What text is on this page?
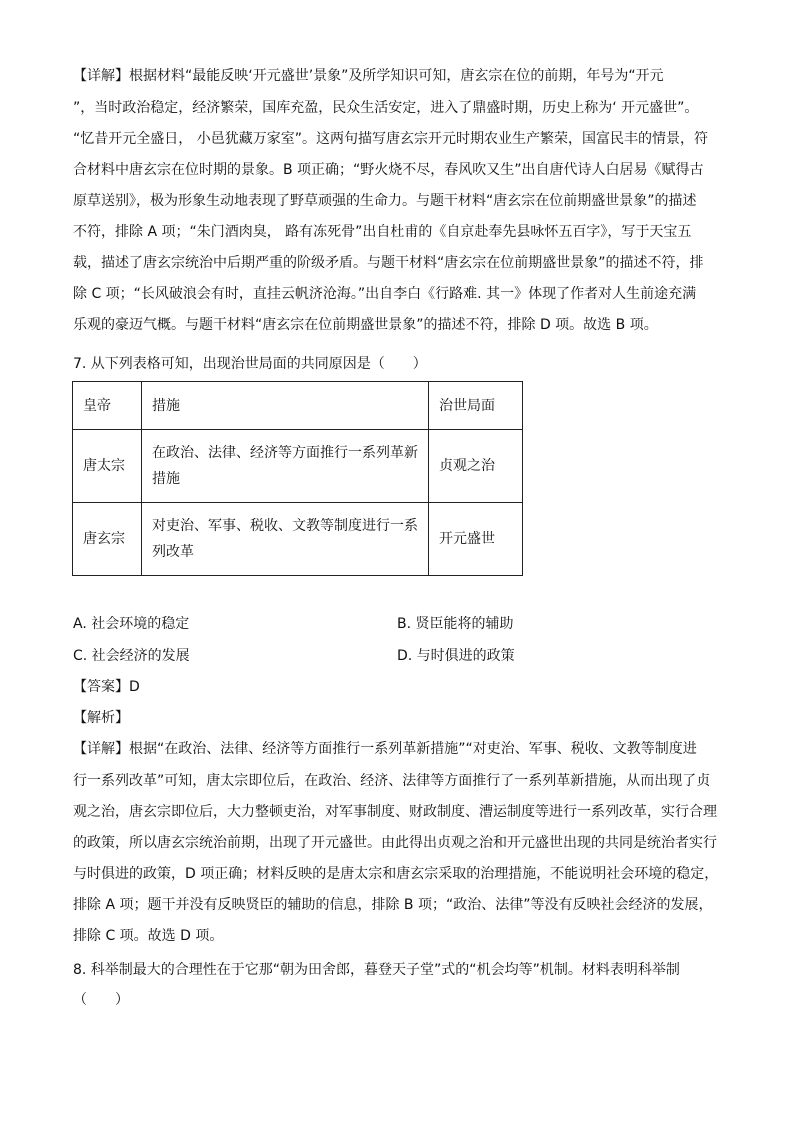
【详解】根据材料“最能反映‘开元盛世’景象”及所学知识可知，唐玄宗在位的前期，年号为“开元
”，当时政治稳定，经济繁荣，国库充盈，民众生活安定，进入了鼎盛时期，历史上称为‘ 开元盛世”。
“忆昔开元全盛日， 小邑犹藏万家室”。这两句描写唐玄宗开元时期农业生产繁荣，国富民丰的情景，符
合材料中唐玄宗在位时期的景象。B 项正确；“野火烧不尽，春风吹又生”出自唐代诗人白居易《赋得古
原草送别》，极为形象生动地表现了野草顽强的生命力。与题干材料“唐玄宗在位前期盛世景象”的描述
不符，排除 A 项；“朱门酒肉臭， 路有冻死骨”出自杜甫的《自京赴奉先县咏怀五百字》，写于天宝五
载，描述了唐玄宗统治中后期严重的阶级矛盾。与题干材料“唐玄宗在位前期盛世景象”的描述不符，排
除 C 项；“长风破浪会有时，直挂云帆济沧海。”出自李白《行路难. 其一》体现了作者对人生前途充满
乐观的豪迈气概。与题干材料“唐玄宗在位前期盛世景象”的描述不符，排除 D 项。故选 B 项。
7. 从下列表格可知，出现治世局面的共同原因是（　　）
皇帝	措施	治世局面
唐太宗	在政治、法律、经济等方面推行一系列革新
措施	贞观之治
唐玄宗	对吏治、军事、税收、文教等制度进行一系
列改革	开元盛世
A. 社会环境的稳定	B. 贤臣能将的辅助
C. 社会经济的发展	D. 与时俱进的政策
【答案】D
【解析】
【详解】根据“在政治、法律、经济等方面推行一系列革新措施”“对吏治、军事、税收、文教等制度进
行一系列改革”可知，唐太宗即位后，在政治、经济、法律等方面推行了一系列革新措施，从而出现了贞
观之治，唐玄宗即位后，大力整顿吏治，对军事制度、财政制度、漕运制度等进行一系列改革，实行合理
的政策，所以唐玄宗统治前期，出现了开元盛世。由此得出贞观之治和开元盛世出现的共同是统治者实行
与时俱进的政策，D 项正确；材料反映的是唐太宗和唐玄宗采取的治理措施，不能说明社会环境的稳定，
排除 A 项；题干并没有反映贤臣的辅助的信息，排除 B 项；“政治、法律”等没有反映社会经济的发展，
排除 C 项。故选 D 项。
8. 科举制最大的合理性在于它那“朝为田舍郎，暮登天子堂”式的“机会均等”机制。材料表明科举制
（　　）
